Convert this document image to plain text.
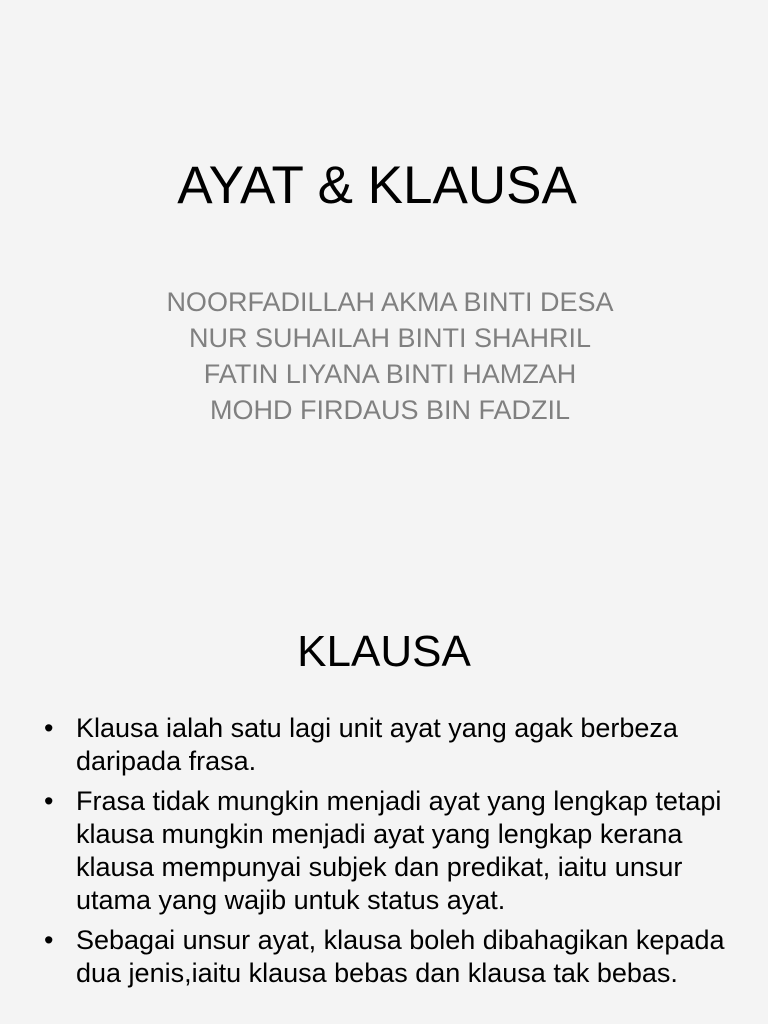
AYAT & KLAUSA
NOORFADILLAH AKMA BINTI DESA
NUR SUHAILAH BINTI SHAHRIL
FATIN LIYANA BINTI HAMZAH
MOHD FIRDAUS BIN FADZIL
KLAUSA
• Klausa ialah satu lagi unit ayat yang agak berbeza daripada frasa.
• Frasa tidak mungkin menjadi ayat yang lengkap tetapi klausa mungkin menjadi ayat yang lengkap kerana klausa mempunyai subjek dan predikat, iaitu unsur utama yang wajib untuk status ayat.
• Sebagai unsur ayat, klausa boleh dibahagikan kepada dua jenis,iaitu klausa bebas dan klausa tak bebas.
